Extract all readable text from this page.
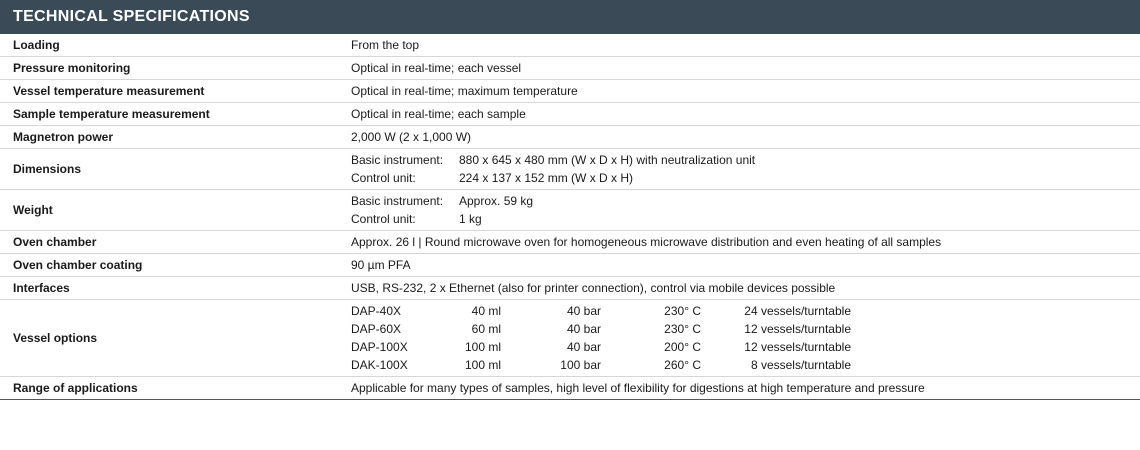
TECHNICAL SPECIFICATIONS
Loading	From the top
Pressure monitoring	Optical in real-time; each vessel
Vessel temperature measurement	Optical in real-time; maximum temperature
Sample temperature measurement	Optical in real-time; each sample
Magnetron power	2,000 W (2 x 1,000 W)
Dimensions	
Basic instrument: 880 x 645 x 480 mm (W x D x H) with neutralization unit
Control unit:	224 x 137 x 152 mm (W x D x H)

Weight	
Basic instrument: Approx. 59 kg
Control unit:	1 kg

Oven chamber	Approx. 26 l | Round microwave oven for homogeneous microwave distribution and even heating of all samples
Oven chamber coating	90 µm PFA
Interfaces	USB, RS-232, 2 x Ethernet (also for printer connection), control via mobile devices possible
Vessel options	
DAP-40X	40 ml	40 bar	230° C	24 vessels/turntable
DAP-60X	60 ml	40 bar	230° C	12 vessels/turntable
DAP-100X	100 ml	40 bar	200° C	12 vessels/turntable
DAK-100X	100 ml	100 bar	260° C	8 vessels/turntable

Range of applications	Applicable for many types of samples, high level of flexibility for digestions at high temperature and pressure
